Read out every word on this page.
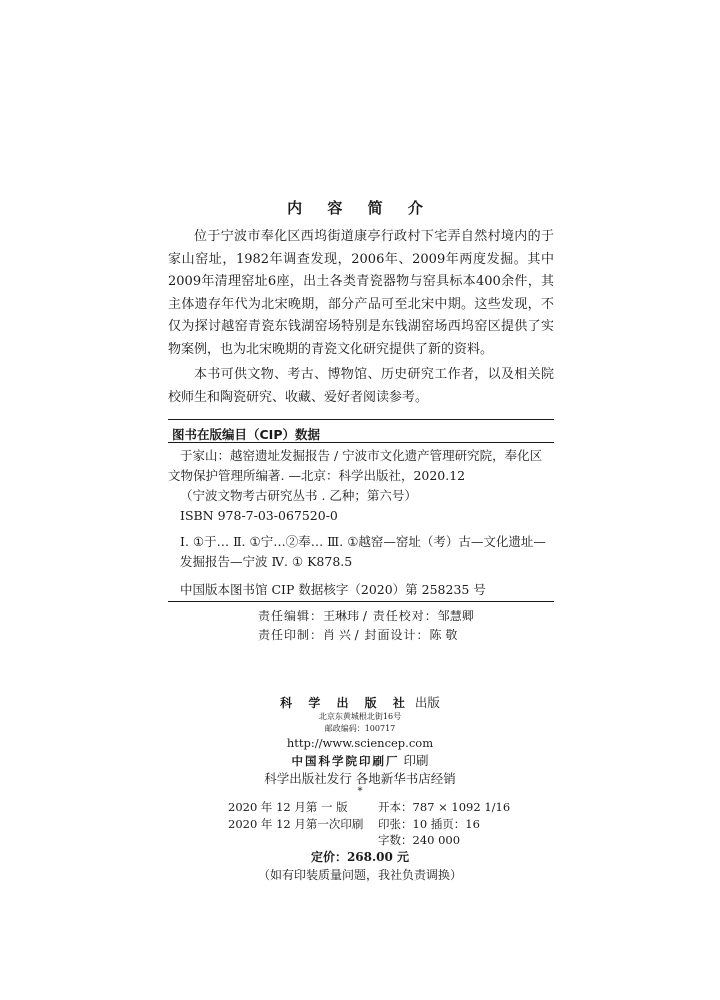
内 容 简 介

位于宁波市奉化区西坞街道康亭行政村下宅弄自然村境内的于家山窑址，1982年调查发现，2006年、2009年两度发掘。其中2009年清理窑址6座，出土各类青瓷器物与窑具标本400余件，其主体遗存年代为北宋晚期，部分产品可至北宋中期。这些发现，不仅为探讨越窑青瓷东钱湖窑场特别是东钱湖窑场西坞窑区提供了实物案例，也为北宋晚期的青瓷文化研究提供了新的资料。

本书可供文物、考古、博物馆、历史研究工作者，以及相关院校师生和陶瓷研究、收藏、爱好者阅读参考。

图书在版编目（CIP）数据

于家山：越窑遗址发掘报告 / 宁波市文化遗产管理研究院，奉化区文物保护管理所编著. —北京：科学出版社，2020.12

（宁波文物考古研究丛书 . 乙种；第六号）

ISBN 978-7-03-067520-0

Ⅰ. ①于… Ⅱ. ①宁…②奉… Ⅲ. ①越窑—窑址（考）古—文化遗址—

发掘报告—宁波 Ⅳ. ① K878.5

中国版本图书馆 CIP 数据核字（2020）第 258235 号
责任编辑：王琳玮 / 责任校对：邹慧卿
责任印制：肖 兴 / 封面设计：陈 敬
科 学 出 版 社 出版
北京东黄城根北街16号
邮政编码：100717
http://www.sciencep.com
中国科学院印刷厂 印刷
科学出版社发行 各地新华书店经销
*
2020 年 12 月第 一 版	开本：787 × 1092 1/16
2020 年 12 月第一次印刷 印张：10 插页：16
字数：240 000
定价：268.00 元
（如有印装质量问题，我社负责调换）
